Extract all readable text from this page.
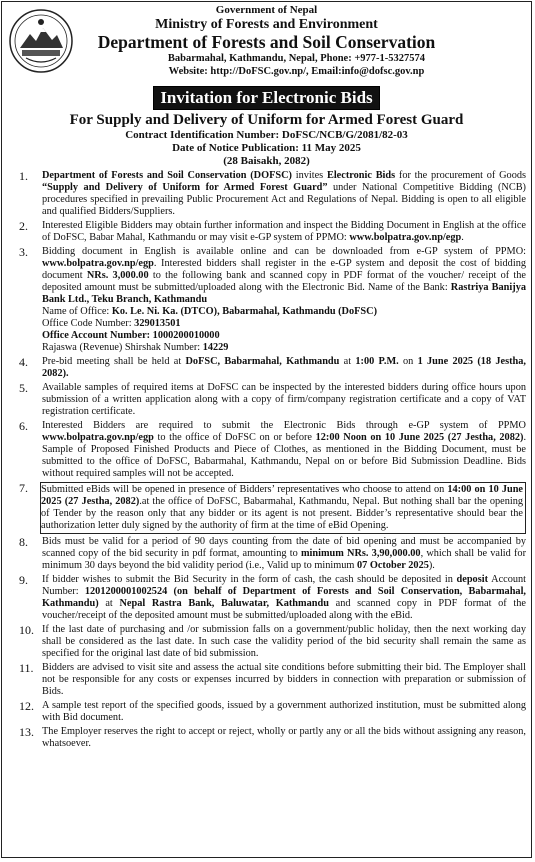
Government of Nepal
Ministry of Forests and Environment
Department of Forests and Soil Conservation
Babarmahal, Kathmandu, Nepal, Phone: +977-1-5327574
Website: http://DoFSC.gov.np/, Email:info@dofsc.gov.np
Invitation for Electronic Bids
For Supply and Delivery of Uniform for Armed Forest Guard
Contract Identification Number: DoFSC/NCB/G/2081/82-03
Date of Notice Publication: 11 May 2025
(28 Baisakh, 2082)
1.	Department of Forests and Soil Conservation (DOFSC) invites Electronic Bids for the procurement of Goods “Supply and Delivery of Uniform for Armed Forest Guard” under National Competitive Bidding (NCB) procedures specified in prevailing Public Procurement Act and Regulations of Nepal. Bidding is open to all eligible and qualified Bidders/Suppliers.

2.	Interested Eligible Bidders may obtain further information and inspect the Bidding Document in English at the office of DoFSC, Babar Mahal, Kathmandu or may visit e-GP system of PPMO: www.bolpatra.gov.np/egp.

3.	Bidding document in English is available online and can be downloaded from e-GP system of PPMO: www.bolpatra.gov.np/egp. Interested bidders shall register in the e-GP system and deposit the cost of bidding document NRs. 3,000.00 to the following bank and scanned copy in PDF format of the voucher/ receipt of the deposited amount must be submitted/uploaded along with the Electronic Bid. Name of the Bank: Rastriya Banijya Bank Ltd., Teku Branch, Kathmandu

Name of Office: Ko. Le. Ni. Ka. (DTCO), Babarmahal, Kathmandu (DoFSC)

Office Code Number: 329013501

Office Account Number: 1000200010000

Rajaswa (Revenue) Shirshak Number: 14229

4.	Pre-bid meeting shall be held at DoFSC, Babarmahal, Kathmandu at 1:00 P.M. on 1 June 2025 (18 Jestha, 2082).

5.	Available samples of required items at DoFSC can be inspected by the interested bidders during office hours upon submission of a written application along with a copy of firm/company registration certificate and a copy of VAT registration certificate.

6.	Interested Bidders are required to submit the Electronic Bids through e-GP system of PPMO www.bolpatra.gov.np/egp to the office of DoFSC on or before 12:00 Noon on 10 June 2025 (27 Jestha, 2082). Sample of Proposed Finished Products and Piece of Clothes, as mentioned in the Bidding Document, must be submitted to the office of DoFSC, Babarmahal, Kathmandu, Nepal on or before Bid Submission Deadline. Bids without required samples will not be accepted.

7.	Submitted eBids will be opened in presence of Bidders’ representatives who choose to attend on 14:00 on 10 June 2025 (27 Jestha, 2082).at the office of DoFSC, Babarmahal, Kathmandu, Nepal. But nothing shall bar the opening of Tender by the reason only that any bidder or its agent is not present. Bidder’s representative should bear the authorization letter duly signed by the authority of firm at the time of eBid Opening.

8.	Bids must be valid for a period of 90 days counting from the date of bid opening and must be accompanied by scanned copy of the bid security in pdf format, amounting to minimum NRs. 3,90,000.00, which shall be valid for minimum 30 days beyond the bid validity period (i.e., Valid up to minimum 07 October 2025).

9.	If bidder wishes to submit the Bid Security in the form of cash, the cash should be deposited in deposit Account Number: 1201200001002524 (on behalf of Department of Forests and Soil Conservation, Babarmahal, Kathmandu) at Nepal Rastra Bank, Baluwatar, Kathmandu and scanned copy in PDF format of the voucher/receipt of the deposited amount must be submitted/uploaded along with the eBid.

10. If the last date of purchasing and /or submission falls on a government/public holiday, then the next working day shall be considered as the last date. In such case the validity period of the bid security shall remain the same as specified for the original last date of bid submission.

11. Bidders are advised to visit site and assess the actual site conditions before submitting their bid. The Employer shall not be responsible for any costs or expenses incurred by bidders in connection with preparation or submission of Bids.

12. A sample test report of the specified goods, issued by a government authorized institution, must be submitted along with Bid document.

13. The Employer reserves the right to accept or reject, wholly or partly any or all the bids without assigning any reason, whatsoever.
